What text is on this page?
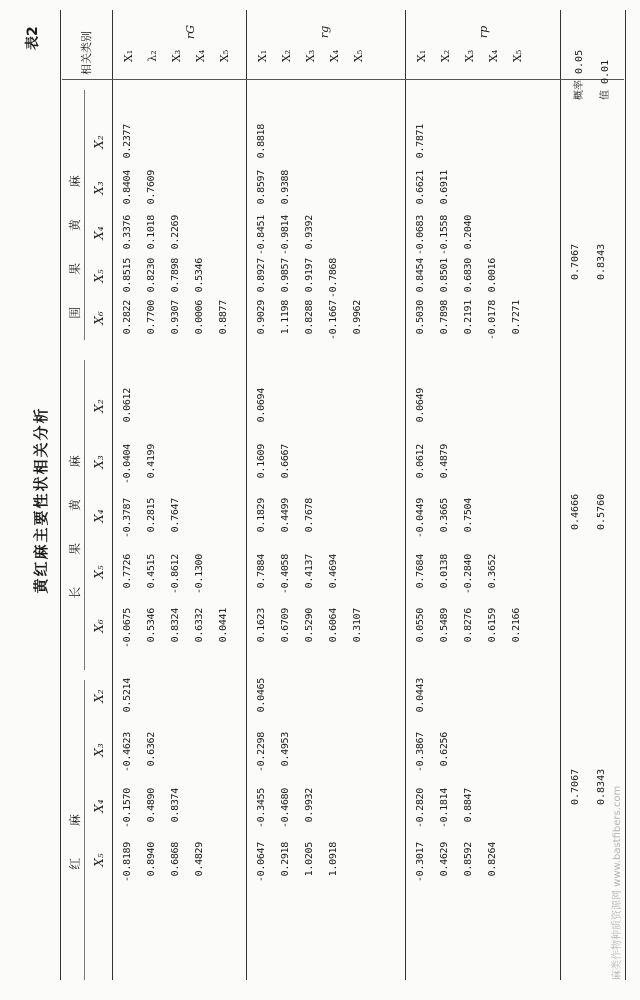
表2
黄红麻主要性状相关分析
相关类别
围 果 黄 麻
长 果 黄 麻
红 麻	麻类作物种质资源网 www.bastfibers.com
X₂
X₃
X₄
X₅
X₆
X₂
X₃
X₄
X₅
X₆
X₂
X₃
X₄
X₅
rG
X₁
0.2377
0.8404
0.3376
0.8515
0.2822
0.0612
-0.0404
-0.3787
0.7726
-0.0675
0.5214
-0.4623
-0.1570
-0.8189
λ₂
0.7609
0.1018
0.8230
0.7700
0.4199
0.2815
0.4515
0.5346
0.6362
0.4890
0.8940
X₃
0.2269
0.7898
0.9307
0.7647
-0.8612
0.8324
0.8374
0.6868
X₄
0.5346
0.0006
-0.1300
0.6332
0.4829
X₅
0.8877
0.0441
rg
X₁
0.8818
0.8597
-0.8451
0.8927
0.9029
0.0694
0.1609
0.1829
0.7884
0.1623
0.0465
-0.2298
-0.3455
-0.0647
X₂
0.9388
-0.9814
0.9857
1.1198
0.6667
0.4499
-0.4058
0.6709
0.4953
-0.4680
0.2918
X₃
0.9392
0.9197
0.8288
0.7678
0.4137
0.5290
0.9932
1.0205
X₄
-0.7868
-0.1667
0.4694
0.6064
1.0918
X₅
0.9962
0.3107
rp
X₁
0.7871
0.6621
-0.0683
0.8454
0.5030
0.0649
0.0612
-0.0449
0.7684
0.0550
0.0443
-0.3867
-0.2820
-0.3017
X₂
0.6911
-0.1558
0.8501
0.7898
0.4879
0.3665
0.0138
0.5489
0.6256
-0.1814
0.4629
X₃
0.2040
0.6830
0.2191
0.7504
-0.2840
0.8276
0.8847
0.8592
X₄
0.0016
-0.0178
0.3652
0.6159
0.8264
X₅
0.7271
0.2166
概率 0.05
0.7067
0.4666
0.7067
值 0.01
0.8343
0.5760
0.8343
